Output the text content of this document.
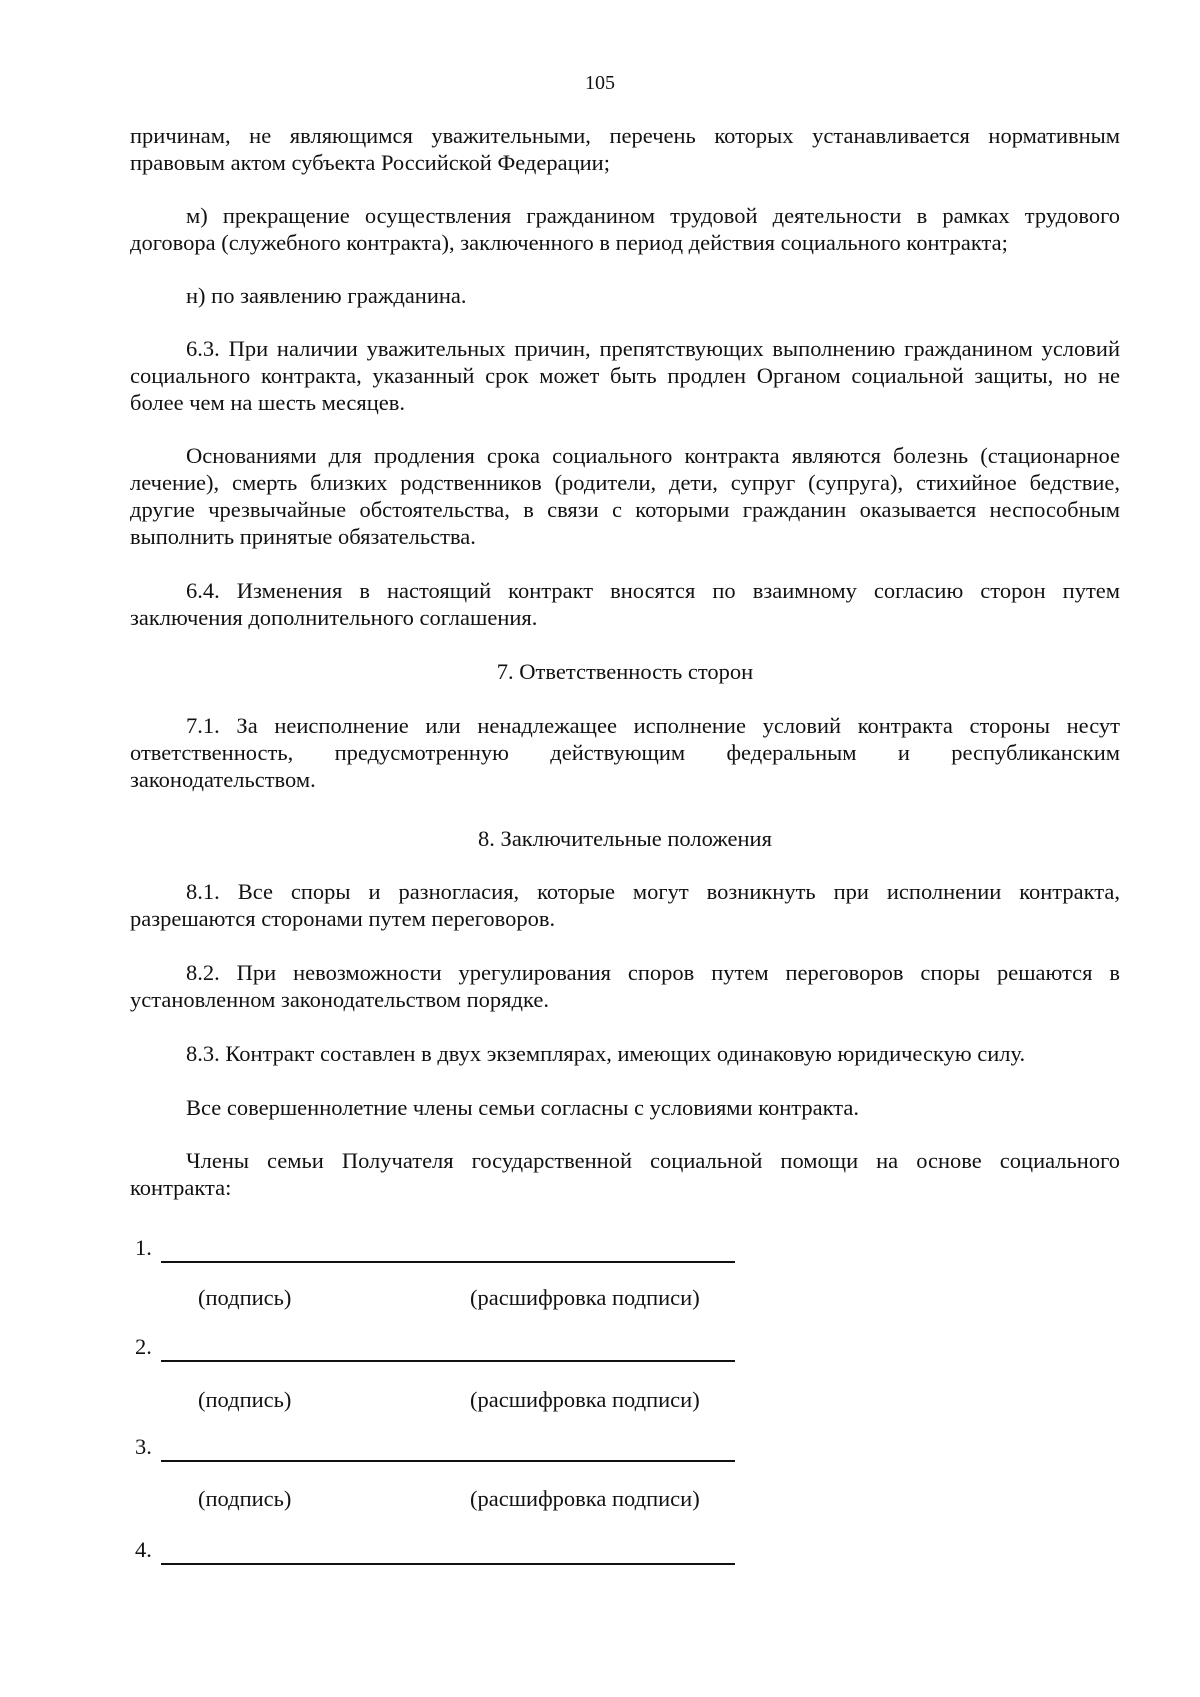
105
причинам, не являющимся уважительными, перечень которых устанавливается нормативным правовым актом субъекта Российской Федерации;
м) прекращение осуществления гражданином трудовой деятельности в рамках трудового договора (служебного контракта), заключенного в период действия социального контракта;
н) по заявлению гражданина.
6.3. При наличии уважительных причин, препятствующих выполнению гражданином условий социального контракта, указанный срок может быть продлен Органом социальной защиты, но не более чем на шесть месяцев.
Основаниями для продления срока социального контракта являются болезнь (стационарное лечение), смерть близких родственников (родители, дети, супруг (супруга), стихийное бедствие, другие чрезвычайные обстоятельства, в связи с которыми гражданин оказывается неспособным выполнить принятые обязательства.
6.4. Изменения в настоящий контракт вносятся по взаимному согласию сторон путем заключения дополнительного соглашения.
7. Ответственность сторон
7.1. За неисполнение или ненадлежащее исполнение условий контракта стороны несут ответственность, предусмотренную действующим федеральным и республиканским законодательством.
8. Заключительные положения
8.1. Все споры и разногласия, которые могут возникнуть при исполнении контракта, разрешаются сторонами путем переговоров.
8.2. При невозможности урегулирования споров путем переговоров споры решаются в установленном законодательством порядке.
8.3. Контракт составлен в двух экземплярах, имеющих одинаковую юридическую силу.
Все совершеннолетние члены семьи согласны с условиями контракта.
Члены семьи Получателя государственной социальной помощи на основе социального контракта:
1.
(подпись)	(расшифровка подписи)
2.
(подпись)	(расшифровка подписи)
3.
(подпись)	(расшифровка подписи)
4.
